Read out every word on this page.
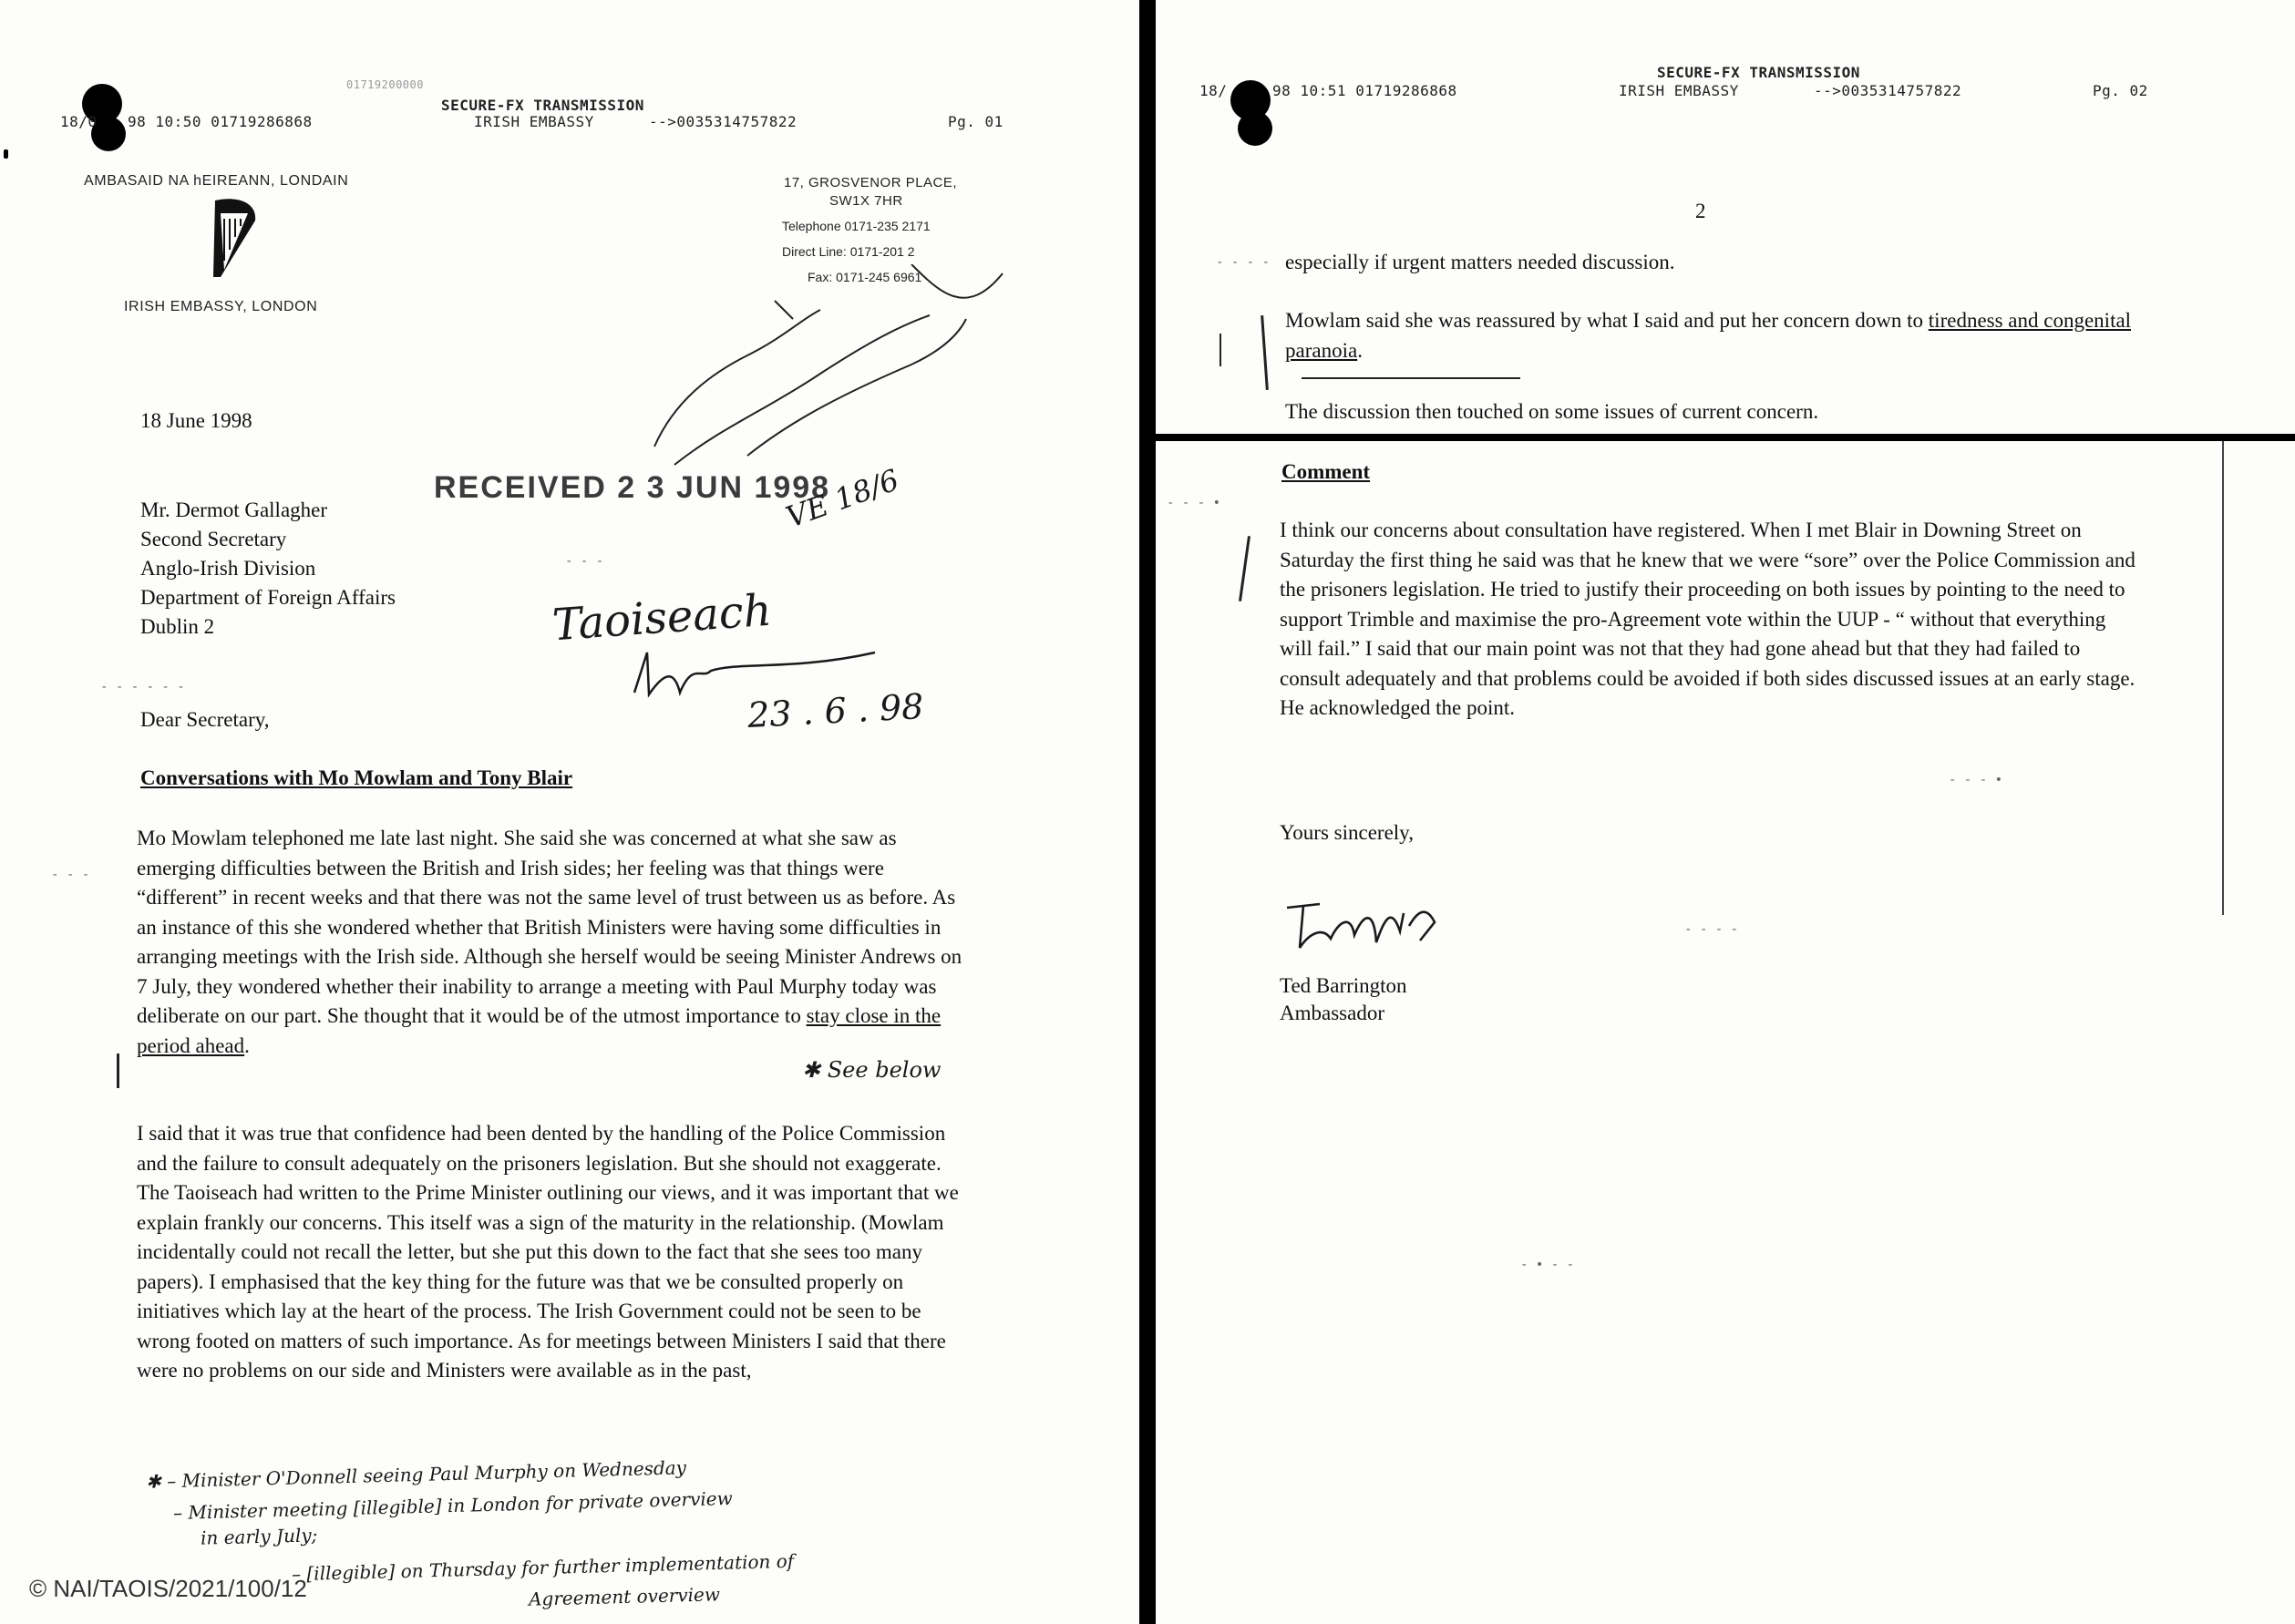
01719200000
18/0 98 10:50 01719286868
SECURE-FX TRANSMISSION
IRISH EMBASSY	-->0035314757822	Pg. 01
AMBASAID NA hEIREANN, LONDAIN
IRISH EMBASSY, LONDON
17, GROSVENOR PLACE,
SW1X 7HR
Telephone 0171-235 2171
Direct Line: 0171-201 2
Fax: 0171-245 6961
18 June 1998
RECEIVED 2 3 JUN 1998
VE 18/6
Mr. Dermot Gallagher
Second Secretary
Anglo-Irish Division
Department of Foreign Affairs
Dublin 2	Taoiseach
23 . 6 . 98
- - -
- - - - - -
- - -
Dear Secretary,
Conversations with Mo Mowlam and Tony Blair
Mo Mowlam telephoned me late last night. She said she was concerned at what she saw as emerging difficulties between the British and Irish sides; her feeling was that things were “different” in recent weeks and that there was not the same level of trust between us as before. As an instance of this she wondered whether that British Ministers were having some difficulties in arranging meetings with the Irish side. Although she herself would be seeing Minister Andrews on 7 July, they wondered whether their inability to arrange a meeting with Paul Murphy today was deliberate on our part. She thought that it would be of the utmost importance to stay close in the period ahead.
✱ See below
I said that it was true that confidence had been dented by the handling of the Police Commission and the failure to consult adequately on the prisoners legislation. But she should not exaggerate. The Taoiseach had written to the Prime Minister outlining our views, and it was important that we explain frankly our concerns. This itself was a sign of the maturity in the relationship. (Mowlam incidentally could not recall the letter, but she put this down to the fact that she sees too many papers). I emphasised that the key thing for the future was that we be consulted properly on initiatives which lay at the heart of the process. The Irish Government could not be seen to be wrong footed on matters of such importance. As for meetings between Ministers I said that there were no problems on our side and Ministers were available as in the past,
✱ – Minister O'Donnell seeing Paul Murphy on Wednesday
– Minister meeting [illegible] in London for private overview
in early July;
– [illegible] on Thursday for further implementation of
Agreement overview
© NAI/TAOIS/2021/100/12
SECURE-FX TRANSMISSION
18/	98 10:51 01719286868	IRISH EMBASSY	-->0035314757822	Pg. 02
2
- - - - especially if urgent matters needed discussion.
Mowlam said she was reassured by what I said and put her concern down to tiredness and congenital paranoia.
The discussion then touched on some issues of current concern.
- - - •
Comment
I think our concerns about consultation have registered. When I met Blair in Downing Street on Saturday the first thing he said was that he knew that we were “sore” over the Police Commission and the prisoners legislation. He tried to justify their proceeding on both issues by pointing to the need to support Trimble and maximise the pro-Agreement vote within the UUP - “ without that everything will fail.” I said that our main point was not that they had gone ahead but that they had failed to consult adequately and that problems could be avoided if both sides discussed issues at an early stage. He acknowledged the point.
- - - •
Yours sincerely,
Ted Barrington
Ambassador
- - - -
- • - -
